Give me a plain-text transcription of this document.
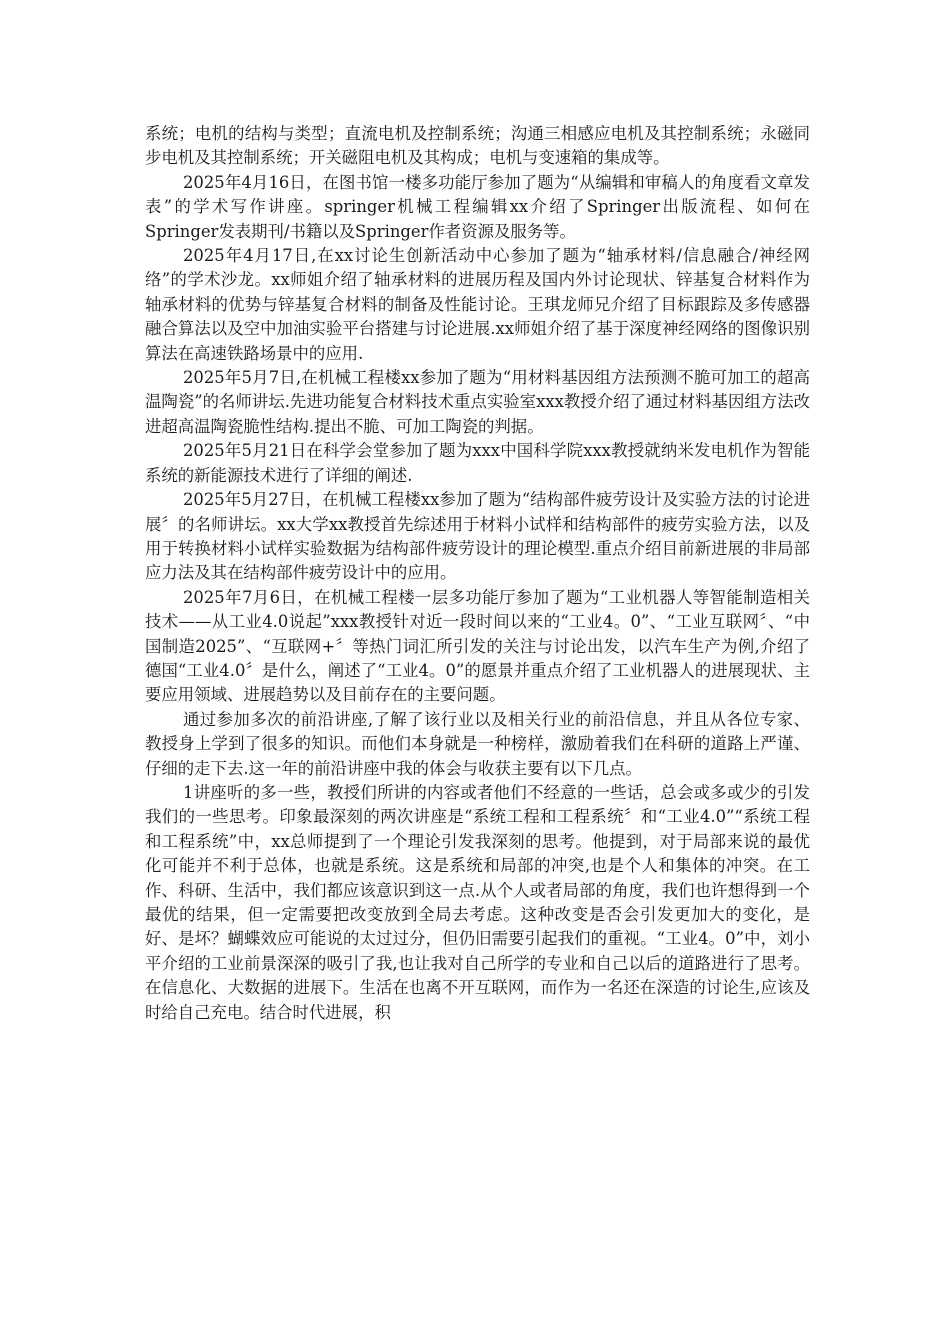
系统；电机的结构与类型；直流电机及控制系统；沟通三相感应电机及其控制系统；永磁同步电机及其控制系统；开关磁阻电机及其构成；电机与变速箱的集成等。

2025年4月16日，在图书馆一楼多功能厅参加了题为“从编辑和审稿人的角度看文章发表”的学术写作讲座。springer机械工程编辑xx介绍了Springer出版流程、如何在Springer发表期刊/书籍以及Springer作者资源及服务等。

2025年4月17日,在xx讨论生创新活动中心参加了题为“轴承材料/信息融合/神经网络”的学术沙龙。xx师姐介绍了轴承材料的进展历程及国内外讨论现状、锌基复合材料作为轴承材料的优势与锌基复合材料的制备及性能讨论。王琪龙师兄介绍了目标跟踪及多传感器融合算法以及空中加油实验平台搭建与讨论进展.xx师姐介绍了基于深度神经网络的图像识别算法在高速铁路场景中的应用.

2025年5月7日,在机械工程楼xx参加了题为“用材料基因组方法预测不脆可加工的超高温陶瓷”的名师讲坛.先进功能复合材料技术重点实验室xxx教授介绍了通过材料基因组方法改进超高温陶瓷脆性结构.提出不脆、可加工陶瓷的判据。

2025年5月21日在科学会堂参加了题为xxx中国科学院xxx教授就纳米发电机作为智能系统的新能源技术进行了详细的阐述.

2025年5月27日，在机械工程楼xx参加了题为“结构部件疲劳设计及实验方法的讨论进展〞的名师讲坛。xx大学xx教授首先综述用于材料小试样和结构部件的疲劳实验方法，以及用于转换材料小试样实验数据为结构部件疲劳设计的理论模型.重点介绍目前新进展的非局部应力法及其在结构部件疲劳设计中的应用。

2025年7月6日，在机械工程楼一层多功能厅参加了题为“工业机器人等智能制造相关技术——从工业4.0说起”xxx教授针对近一段时间以来的“工业4。0”、“工业互联网〞、“中国制造2025”、“互联网+〞等热门词汇所引发的关注与讨论出发，以汽车生产为例,介绍了德国“工业4.0〞是什么，阐述了“工业4。0”的愿景并重点介绍了工业机器人的进展现状、主要应用领域、进展趋势以及目前存在的主要问题。

通过参加多次的前沿讲座,了解了该行业以及相关行业的前沿信息，并且从各位专家、教授身上学到了很多的知识。而他们本身就是一种榜样，激励着我们在科研的道路上严谨、仔细的走下去.这一年的前沿讲座中我的体会与收获主要有以下几点。

1讲座听的多一些，教授们所讲的内容或者他们不经意的一些话，总会或多或少的引发我们的一些思考。印象最深刻的两次讲座是“系统工程和工程系统〞和“工业4.0”“系统工程和工程系统”中，xx总师提到了一个理论引发我深刻的思考。他提到，对于局部来说的最优化可能并不利于总体，也就是系统。这是系统和局部的冲突,也是个人和集体的冲突。在工作、科研、生活中，我们都应该意识到这一点.从个人或者局部的角度，我们也许想得到一个最优的结果，但一定需要把改变放到全局去考虑。这种改变是否会引发更加大的变化，是好、是坏？蝴蝶效应可能说的太过过分，但仍旧需要引起我们的重视。“工业4。0”中，刘小平介绍的工业前景深深的吸引了我,也让我对自己所学的专业和自己以后的道路进行了思考。在信息化、大数据的进展下。生活在也离不开互联网，而作为一名还在深造的讨论生,应该及时给自己充电。结合时代进展，积
